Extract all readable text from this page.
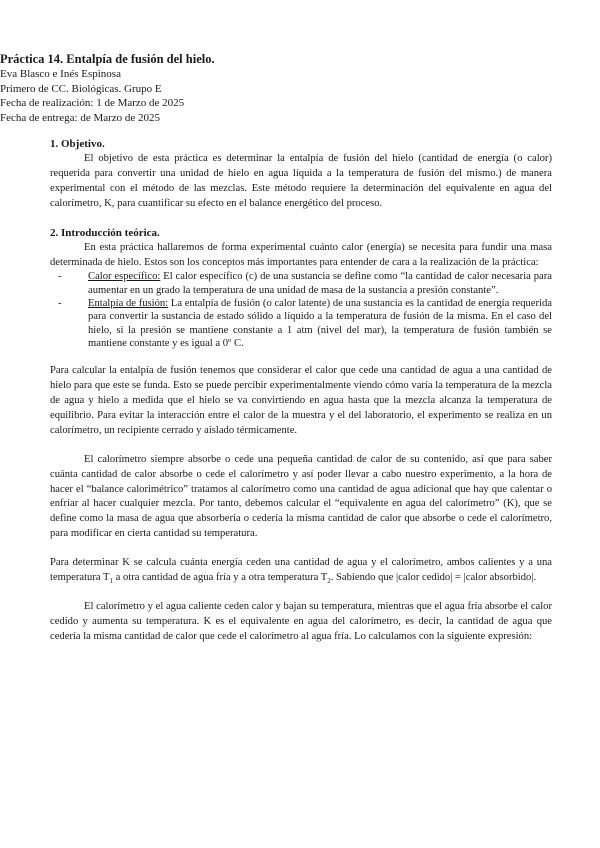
Práctica 14. Entalpía de fusión del hielo.

Eva Blasco e Inés Espinosa

Primero de CC. Biológicas. Grupo E

Fecha de realización: 1 de Marzo de 2025

Fecha de entrega: de Marzo de 2025

1. Objetivo.

El objetivo de esta práctica es determinar la entalpía de fusión del hielo (cantidad de energía (o calor) requerida para convertir una unidad de hielo en agua líquida a la temperatura de fusión del mismo.) de manera experimental con el método de las mezclas. Este método requiere la determinación del equivalente en agua del calorímetro, K, para cuantificar su efecto en el balance energético del proceso.

2. Introducción teórica.

En esta práctica hallaremos de forma experimental cuánto calor (energía) se necesita para fundir una masa determinada de hielo. Estos son los conceptos más importantes para entender de cara a la realización de la práctica:

- Calor específico: El calor específico (c) de una sustancia se define como “la cantidad de calor necesaria para aumentar en un grado la temperatura de una unidad de masa de la sustancia a presión constante”.
- Entalpía de fusión: La entalpía de fusión (o calor latente) de una sustancia es la cantidad de energía requerida para convertir la sustancia de estado sólido a líquido a la temperatura de fusión de la misma. En el caso del hielo, si la presión se mantiene constante a 1 atm (nivel del mar), la temperatura de fusión también se mantiene constante y es igual a 0º C.

Para calcular la entalpía de fusión tenemos que considerar el calor que cede una cantidad de agua a una cantidad de hielo para que este se funda. Esto se puede percibir experimentalmente viendo cómo varía la temperatura de la mezcla de agua y hielo a medida que el hielo se va convirtiendo en agua hasta que la mezcla alcanza la temperatura de equilibrio. Para evitar la interacción entre el calor de la muestra y el del laboratorio, el experimento se realiza en un calorímetro, un recipiente cerrado y aislado térmicamente.

El calorímetro siempre absorbe o cede una pequeña cantidad de calor de su contenido, así que para saber cuánta cantidad de calor absorbe o cede el calorímetro y así poder llevar a cabo nuestro experimento, a la hora de hacer el “balance calorimétrico” tratamos al calorímetro como una cantidad de agua adicional que hay que calentar o enfriar al hacer cualquier mezcla. Por tanto, debemos calcular el “equivalente en agua del calorímetro” (K), que se define como la masa de agua que absorbería o cedería la misma cantidad de calor que absorbe o cede el calorímetro, para modificar en cierta cantidad su temperatura.

Para determinar K se calcula cuánta energía ceden una cantidad de agua y el calorímetro, ambos calientes y a una temperatura $T_1$ a otra cantidad de agua fría y a otra temperatura $T_2$. Sabiendo que |calor cedido| = |calor absorbido|.

El calorímetro y el agua caliente ceden calor y bajan su temperatura, mientras que el agua fría absorbe el calor cedido y aumenta su temperatura. K es el equivalente en agua del calorímetro, es decir, la cantidad de agua que cedería la misma cantidad de calor que cede el calorímetro al agua fría. Lo calculamos con la siguiente expresión:
